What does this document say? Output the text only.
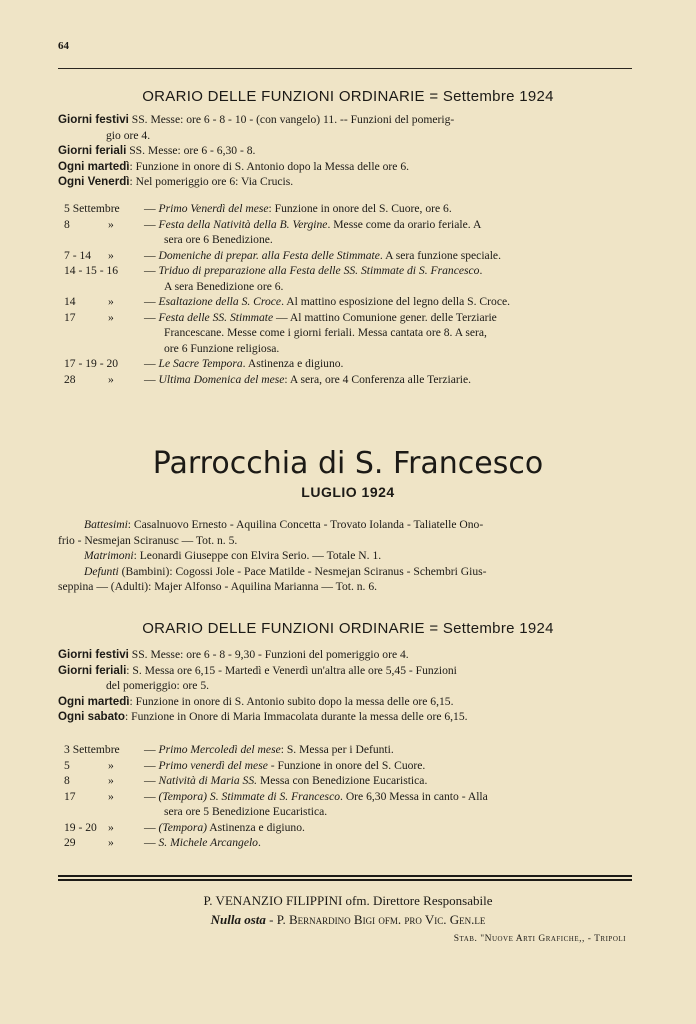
64
ORARIO DELLE FUNZIONI ORDINARIE = Settembre 1924
Giorni festivi SS. Messe: ore 6 - 8 - 10 - (con vangelo) 11. -- Funzioni del pomerig-
gio ore 4.
Giorni feriali SS. Messe: ore 6 - 6,30 - 8.
Ogni martedì: Funzione in onore di S. Antonio dopo la Messa delle ore 6.
Ogni Venerdì: Nel pomeriggio ore 6: Via Crucis.
5 Settembre — Primo Venerdì del mese: Funzione in onore del S. Cuore, ore 6.
8	»	— Festa della Natività della B. Vergine. Messe come da orario feriale. A
sera ore 6 Benedizione.
7 - 14 »	— Domeniche di prepar. alla Festa delle Stimmate. A sera funzione speciale.
14 - 15 - 16 — Triduo di preparazione alla Festa delle SS. Stimmate di S. Francesco.
A sera Benedizione ore 6.
14	»	— Esaltazione della S. Croce. Al mattino esposizione del legno della S. Croce.
17	»	— Festa delle SS. Stimmate — Al mattino Comunione gener. delle Terziarie
Francescane. Messe come i giorni feriali. Messa cantata ore 8. A sera,
ore 6 Funzione religiosa.
17 - 19 - 20 — Le Sacre Tempora. Astinenza e digiuno.
28	»	— Ultima Domenica del mese: A sera, ore 4 Conferenza alle Terziarie.
Parrocchia di S. Francesco
LUGLIO 1924
Battesimi: Casalnuovo Ernesto - Aquilina Concetta - Trovato Iolanda - Taliatelle Ono-
frio - Nesmejan Sciranusc — Tot. n. 5.
Matrimoni: Leonardi Giuseppe con Elvira Serio. — Totale N. 1.
Defunti (Bambini): Cogossi Jole - Pace Matilde - Nesmejan Sciranus - Schembri Gius-
seppina — (Adulti): Majer Alfonso - Aquilina Marianna — Tot. n. 6.
ORARIO DELLE FUNZIONI ORDINARIE = Settembre 1924
Giorni festivi SS. Messe: ore 6 - 8 - 9,30 - Funzioni del pomeriggio ore 4.
Giorni feriali: S. Messa ore 6,15 - Martedì e Venerdì un'altra alle ore 5,45 - Funzioni
del pomeriggio: ore 5.
Ogni martedì: Funzione in onore di S. Antonio subito dopo la messa delle ore 6,15.
Ogni sabato: Funzione in Onore di Maria Immacolata durante la messa delle ore 6,15.
3 Settembre — Primo Mercoledì del mese: S. Messa per i Defunti.
5	»	— Primo venerdì del mese - Funzione in onore del S. Cuore.
8	»	— Natività di Maria SS. Messa con Benedizione Eucaristica.
17	»	— (Tempora) S. Stimmate di S. Francesco. Ore 6,30 Messa in canto - Alla
sera ore 5 Benedizione Eucaristica.
19 - 20 »	— (Tempora) Astinenza e digiuno.
29	»	— S. Michele Arcangelo.
P. VENANZIO FILIPPINI ofm. Direttore Responsabile
Nulla osta - P. Bernardino Bigi ofm. pro Vic. Gen.le
Stab. "Nuove Arti Grafiche,, - Tripoli
